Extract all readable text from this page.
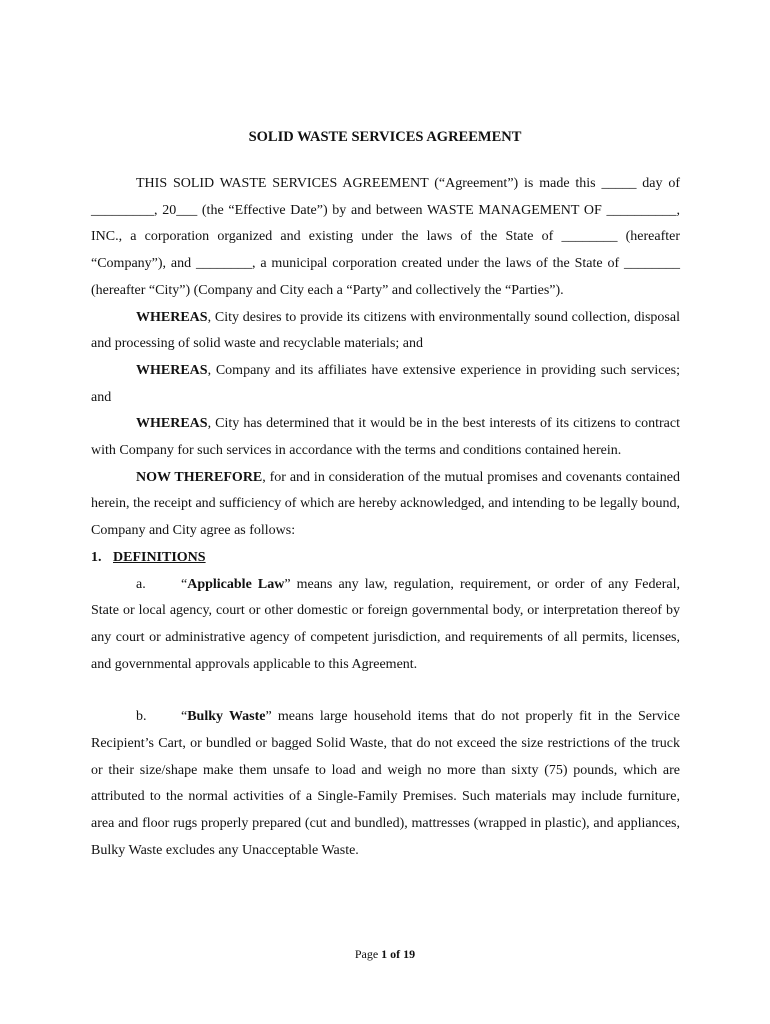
SOLID WASTE SERVICES AGREEMENT

THIS SOLID WASTE SERVICES AGREEMENT (“Agreement”) is made this _____ day of _________, 20___ (the “Effective Date”) by and between WASTE MANAGEMENT OF __________, INC., a corporation organized and existing under the laws of the State of ________ (hereafter “Company”), and ________, a municipal corporation created under the laws of the State of ________ (hereafter “City”) (Company and City each a “Party” and collectively the “Parties”).

WHEREAS, City desires to provide its citizens with environmentally sound collection, disposal and processing of solid waste and recyclable materials; and

WHEREAS, Company and its affiliates have extensive experience in providing such services; and

WHEREAS, City has determined that it would be in the best interests of its citizens to contract with Company for such services in accordance with the terms and conditions contained herein.

NOW THEREFORE, for and in consideration of the mutual promises and covenants contained herein, the receipt and sufficiency of which are hereby acknowledged, and intending to be legally bound, Company and City agree as follows:

1. DEFINITIONS

a.	“Applicable Law” means any law, regulation, requirement, or order of any Federal, State or local agency, court or other domestic or foreign governmental body, or interpretation thereof by any court or administrative agency of competent jurisdiction, and requirements of all permits, licenses, and governmental approvals applicable to this Agreement.

b. “Bulky Waste” means large household items that do not properly fit in the Service Recipient’s Cart, or bundled or bagged Solid Waste, that do not exceed the size restrictions of the truck or their size/shape make them unsafe to load and weigh no more than sixty (75) pounds, which are attributed to the normal activities of a Single-Family Premises. Such materials may include furniture, area and floor rugs properly prepared (cut and bundled), mattresses (wrapped in plastic), and appliances, Bulky Waste excludes any Unacceptable Waste.

Page 1 of 19
